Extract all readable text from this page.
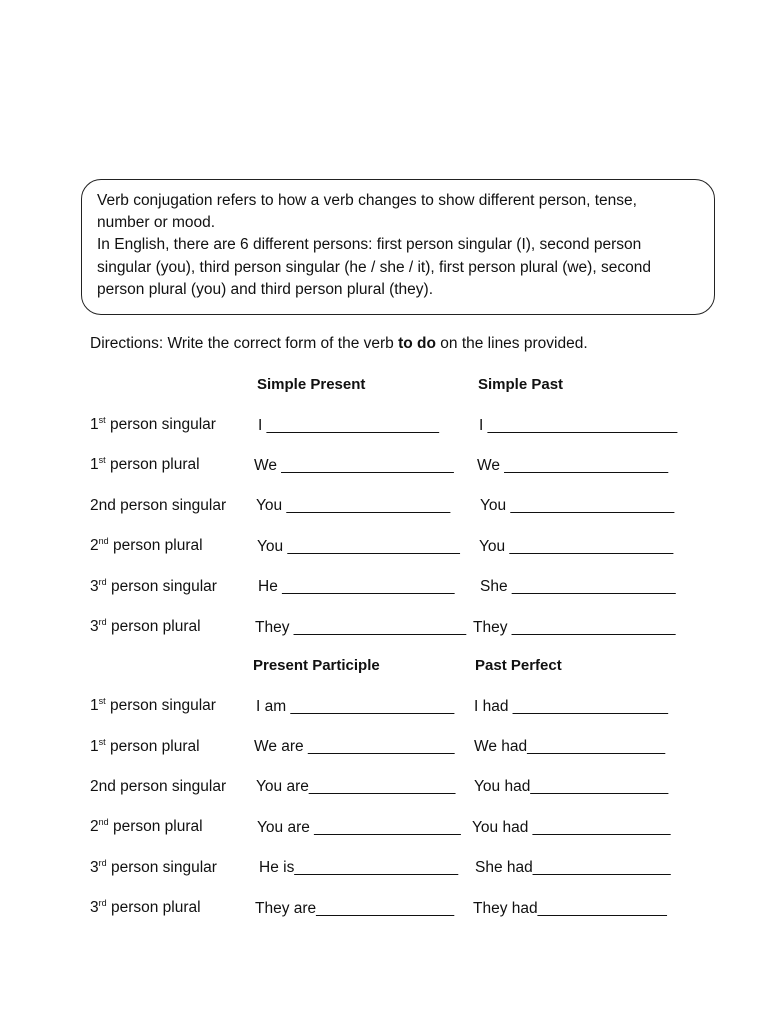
Verb conjugation refers to how a verb changes to show different person, tense,

number or mood.

In English, there are 6 different persons: first person singular (I), second person

singular (you), third person singular (he / she / it), first person plural (we), second

person plural (you) and third person plural (they).

Directions: Write the correct form of the verb to do on the lines provided.
Simple Present	Simple Past
1st person singular	I ____________________	I ______________________
1st person plural	We ____________________ We ___________________
2nd person singular You ___________________ You ___________________
2nd person plural	You ____________________ You ___________________
3rd person singular	He ____________________ She ___________________
3rd person plural	They ____________________ They ___________________
Present Participle	Past Perfect
1st person singular	I am ___________________ I had __________________
1st person plural	We are _________________ We had________________
2nd person singular You are_________________ You had________________
2nd person plural	You are _________________ You had ________________
3rd person singular	He is___________________ She had________________
3rd person plural	They are________________ They had_______________
